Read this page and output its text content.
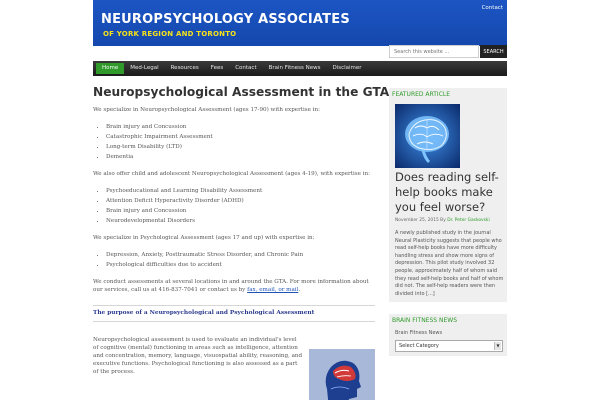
NEUROPSYCHOLOGY ASSOCIATES
OF YORK REGION AND TORONTO
Contact
Search this website ...
SEARCH
Home	Med-Legal	Resources	Fees	Contact	Brain Fitness News	Disclaimer
Neuropsychological Assessment in the GTA

We specialize in Neuropsychological Assessment (ages 17-90) with expertise in:

• Brain injury and Concussion
• Catastrophic Impairment Assessment
• Long-term Disability (LTD)
• Dementia

We also offer child and adolescent Neuropsychological Assessment (ages 4-19), with expertise in:

• Psychoeducational and Learning Disability Assessment
• Attention Deficit Hyperactivity Disorder (ADHD)
• Brain injury and Concussion
• Neurodevelopmental Disorders

We specialize in Psychological Assessment (ages 17 and up) with expertise in:

• Depression, Anxiety, Posttraumatic Stress Disorder, and Chronic Pain
• Psychological difficulties due to accident

We conduct assessments at several locations in and around the GTA. For more information about our services, call us at 416-837-7041 or contact us by fax, email, or mail.

The purpose of a Neuropsychological and Psychological Assessment

Neuropsychological assessment is used to evaluate an individual's level of cognitive (mental) functioning in areas such as intelligence, attention and concentration, memory, language, visuospatial ability, reasoning, and executive functions. Psychological functioning is also assessed as a part of the process.

FEATURED ARTICLE
Does reading self-help books make you feel worse?
November 25, 2015 By Dr. Peter Gaskovski

A newly published study in the journal Neural Plasticity suggests that people who read self-help books have more difficulty handling stress and show more signs of depression. This pilot study involved 32 people, approximately half of whom said they read self-help books and half of whom did not. The self-help readers were then divided into [...]

BRAIN FITNESS NEWS
Brain Fitness News
Select Category	▼
